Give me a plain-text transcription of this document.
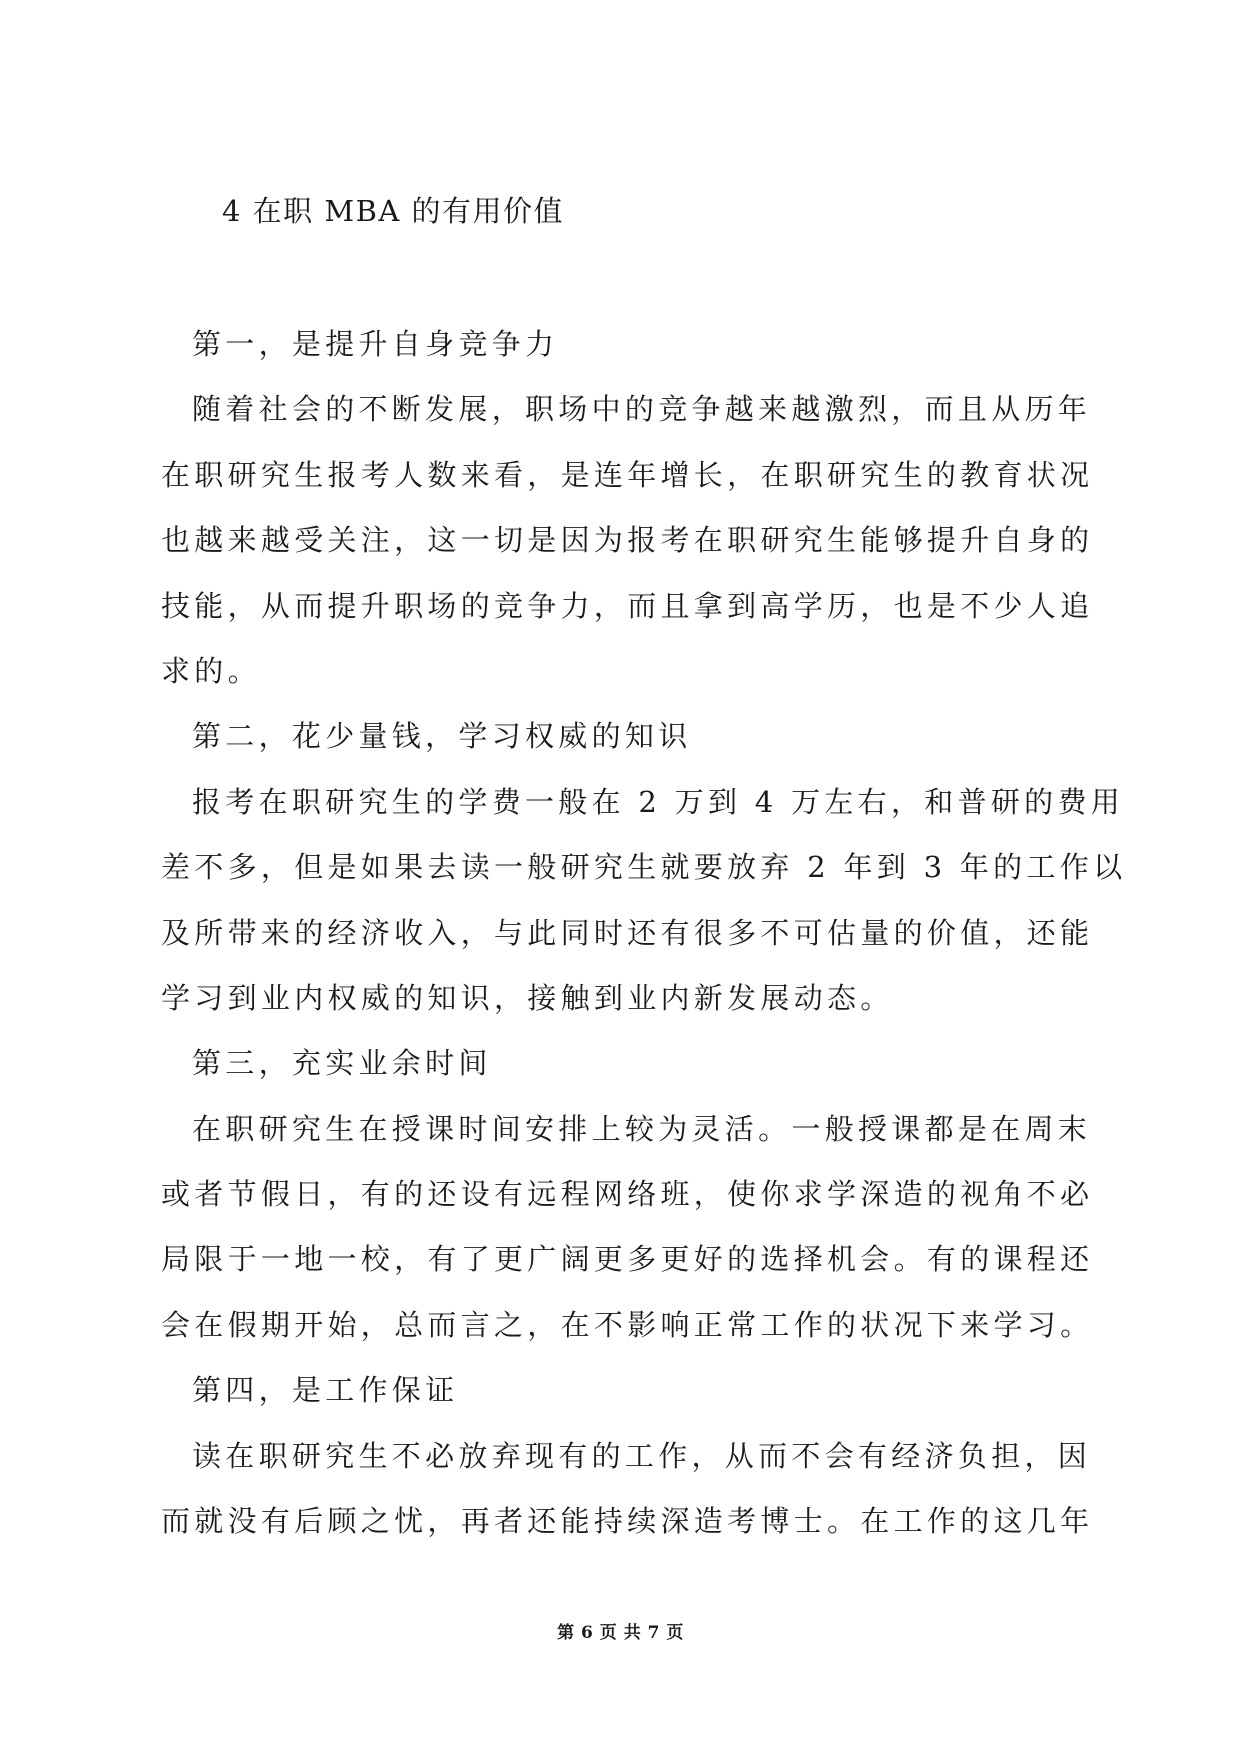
4 在职 MBA 的有用价值
第一，是提升自身竞争力
随着社会的不断发展，职场中的竞争越来越激烈，而且从历年
在职研究生报考人数来看，是连年增长，在职研究生的教育状况
也越来越受关注，这一切是因为报考在职研究生能够提升自身的
技能，从而提升职场的竞争力，而且拿到高学历，也是不少人追
求的。
第二，花少量钱，学习权威的知识
报考在职研究生的学费一般在 2 万到 4 万左右，和普研的费用
差不多，但是如果去读一般研究生就要放弃 2 年到 3 年的工作以
及所带来的经济收入，与此同时还有很多不可估量的价值，还能
学习到业内权威的知识，接触到业内新发展动态。
第三，充实业余时间
在职研究生在授课时间安排上较为灵活。一般授课都是在周末
或者节假日，有的还设有远程网络班，使你求学深造的视角不必
局限于一地一校，有了更广阔更多更好的选择机会。有的课程还
会在假期开始，总而言之，在不影响正常工作的状况下来学习。
第四，是工作保证
读在职研究生不必放弃现有的工作，从而不会有经济负担，因
而就没有后顾之忧，再者还能持续深造考博士。在工作的这几年
第 6 页 共 7 页
